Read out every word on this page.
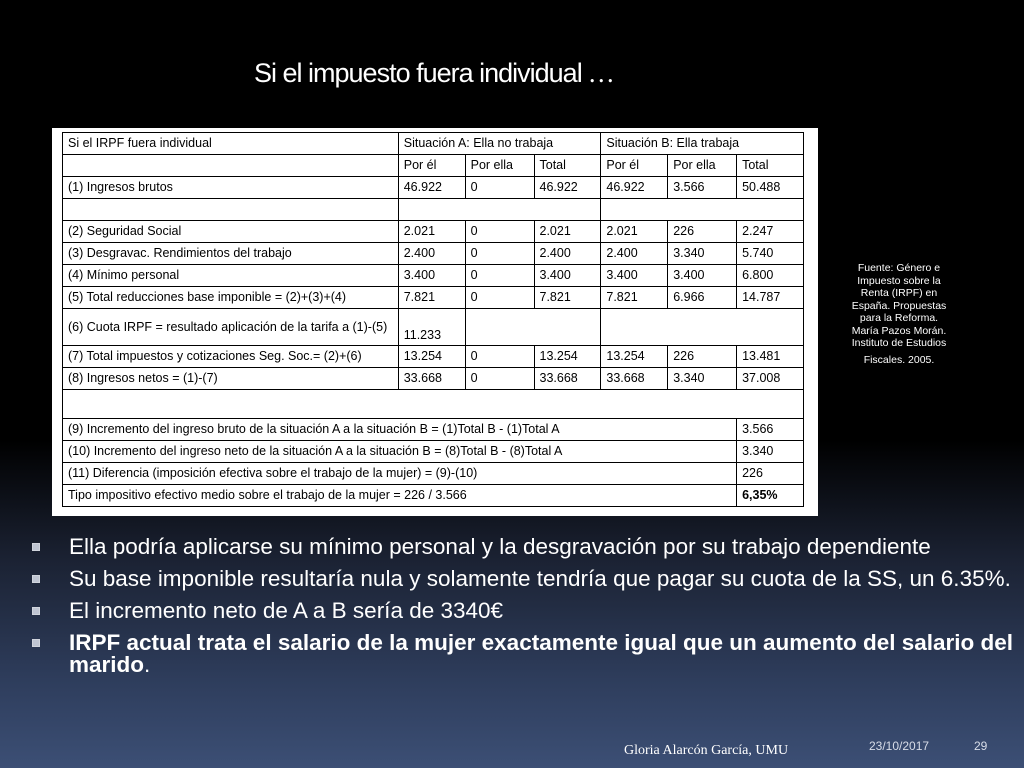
Si el impuesto fuera individual …
Si el IRPF fuera individual	Situación A: Ella no trabaja			Situación B: Ella trabaja		
	Por él	Por ella	Total	Por él	Por ella	Total
(1) Ingresos brutos	46.922	0	46.922	46.922	3.566	50.488

(2) Seguridad Social	2.021	0	2.021	2.021	226	2.247
(3) Desgravac. Rendimientos del trabajo	2.400	0	2.400	2.400	3.340	5.740
(4) Mínimo personal	3.400	0	3.400	3.400	3.400	6.800
(5) Total reducciones base imponible = (2)+(3)+(4)	7.821	0	7.821	7.821	6.966	14.787
(6) Cuota IRPF = resultado aplicación de la tarifa a (1)-(5)	11.233					
(7) Total impuestos y cotizaciones Seg. Soc.= (2)+(6)	13.254	0	13.254	13.254	226	13.481
(8) Ingresos netos = (1)-(7)	33.668	0	33.668	33.668	3.340	37.008

(9) Incremento del ingreso bruto de la situación A a la situación B = (1)Total B - (1)Total A						3.566
(10) Incremento del ingreso neto de la situación A a la situación B = (8)Total B - (8)Total A						3.340
(11) Diferencia (imposición efectiva sobre el trabajo de la mujer) = (9)-(10)						226
Tipo impositivo efectivo medio sobre el trabajo de la mujer = 226 / 3.566						6,35%
Fuente: Género e
Impuesto sobre la
Renta (IRPF) en
España. Propuestas
para la Reforma.
María Pazos Morán.
Instituto de Estudios
Fiscales. 2005.
Ella podría aplicarse su mínimo personal y la desgravación por su trabajo dependiente
Su base imponible resultaría nula y solamente tendría que pagar su cuota de la SS, un 6.35%.
El incremento neto de A a B sería de 3340€
IRPF actual trata el salario de la mujer exactamente igual que un aumento del salario del marido.
Gloria Alarcón García, UMU	23/10/2017	29
